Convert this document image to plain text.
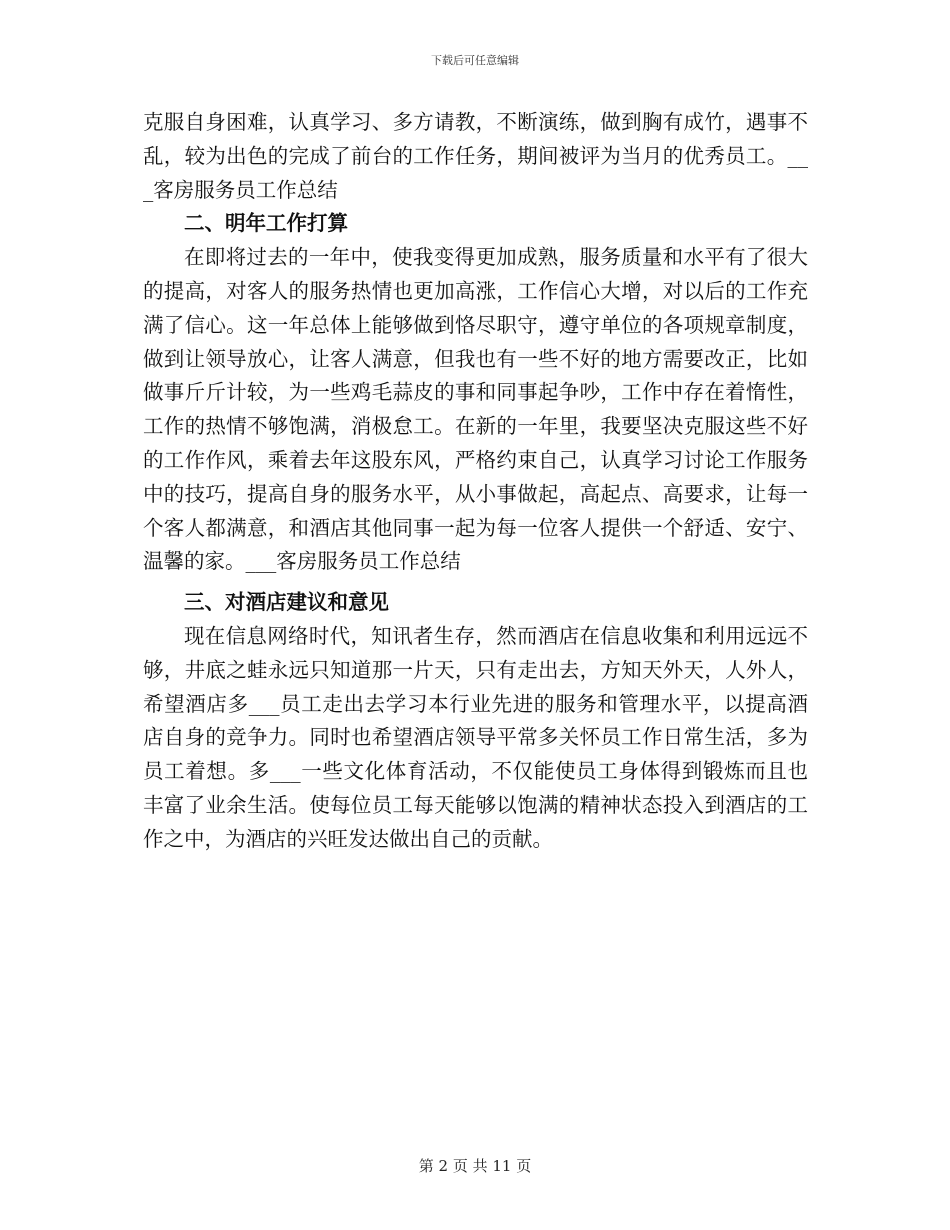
下载后可任意编辑

克服自身困难，认真学习、多方请教，不断演练，做到胸有成竹，遇事不乱，较为出色的完成了前台的工作任务，期间被评为当月的优秀员工。___客房服务员工作总结

二、明年工作打算

在即将过去的一年中，使我变得更加成熟，服务质量和水平有了很大的提高，对客人的服务热情也更加高涨，工作信心大增，对以后的工作充满了信心。这一年总体上能够做到恪尽职守，遵守单位的各项规章制度，做到让领导放心，让客人满意，但我也有一些不好的地方需要改正，比如做事斤斤计较，为一些鸡毛蒜皮的事和同事起争吵，工作中存在着惰性，工作的热情不够饱满，消极怠工。在新的一年里，我要坚决克服这些不好的工作作风，乘着去年这股东风，严格约束自己，认真学习讨论工作服务中的技巧，提高自身的服务水平，从小事做起，高起点、高要求，让每一个客人都满意，和酒店其他同事一起为每一位客人提供一个舒适、安宁、温馨的家。___客房服务员工作总结

三、对酒店建议和意见

现在信息网络时代，知讯者生存，然而酒店在信息收集和利用远远不够，井底之蛙永远只知道那一片天，只有走出去，方知天外天，人外人，希望酒店多___员工走出去学习本行业先进的服务和管理水平，以提高酒店自身的竞争力。同时也希望酒店领导平常多关怀员工作日常生活，多为员工着想。多___一些文化体育活动，不仅能使员工身体得到锻炼而且也丰富了业余生活。使每位员工每天能够以饱满的精神状态投入到酒店的工作之中，为酒店的兴旺发达做出自己的贡献。

第 2 页 共 11 页
